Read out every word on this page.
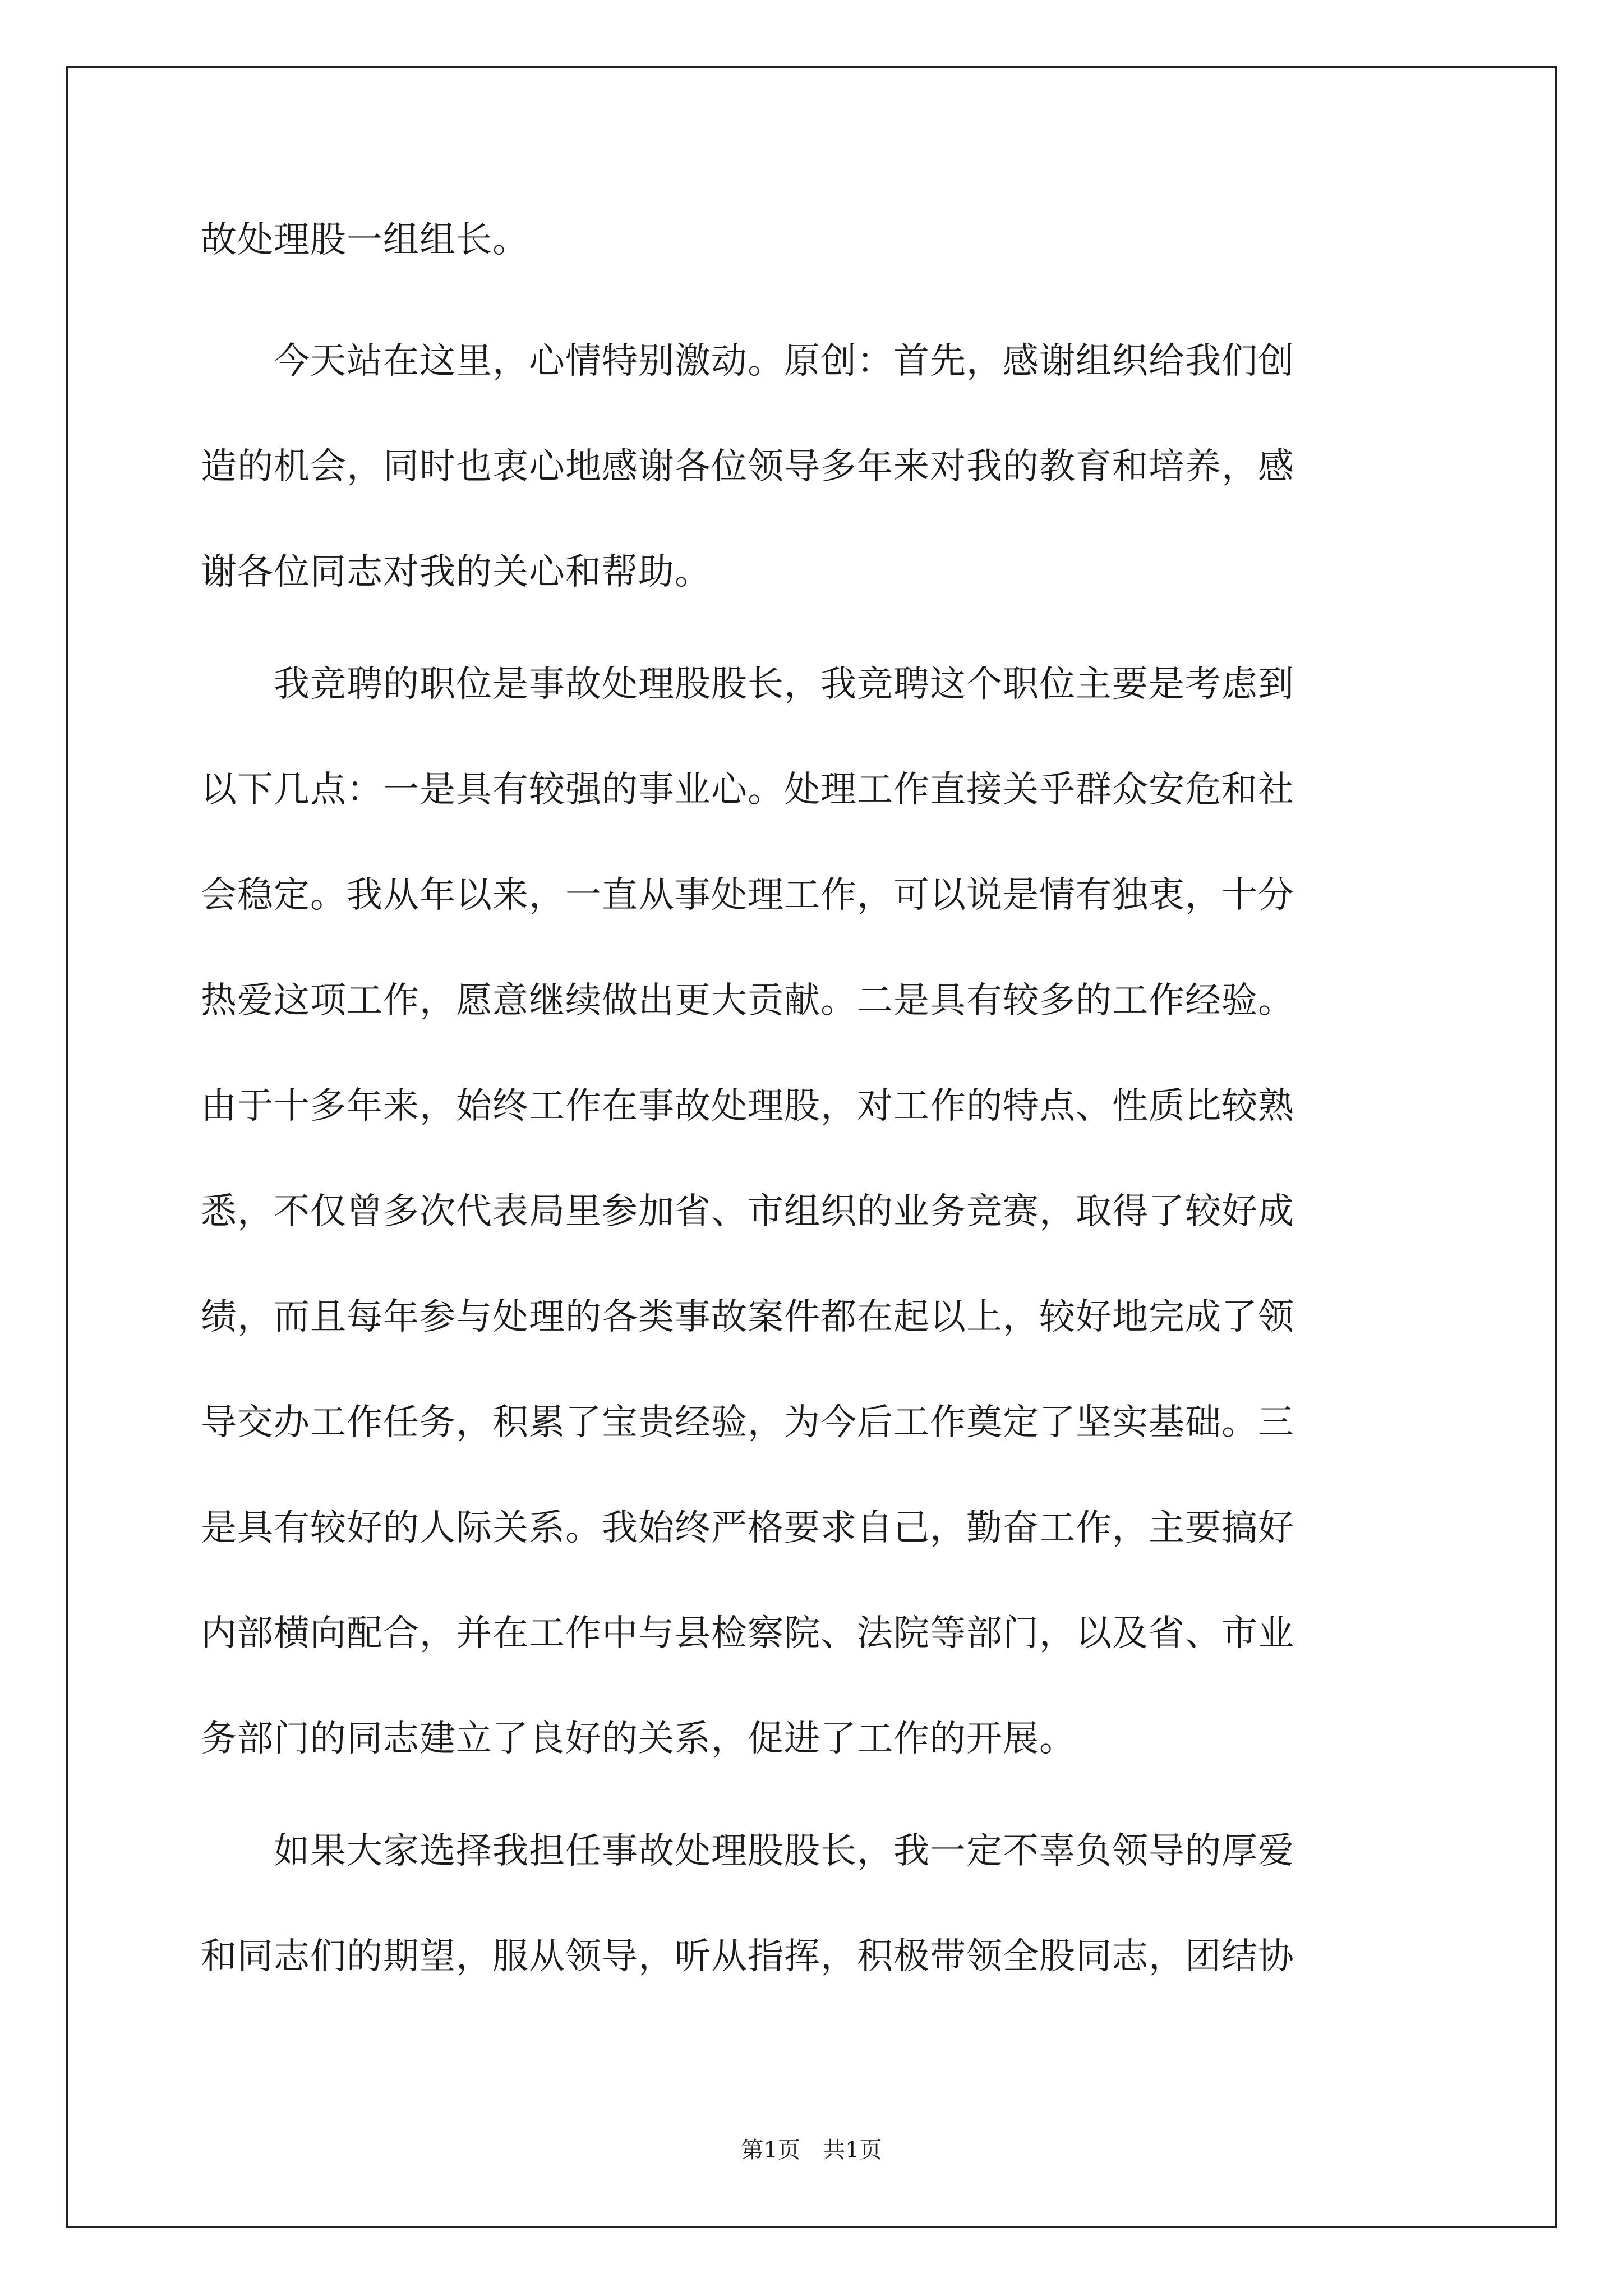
故处理股一组组长。
　　今天站在这里，心情特别激动。原创：首先，感谢组织给我们创
造的机会，同时也衷心地感谢各位领导多年来对我的教育和培养，感
谢各位同志对我的关心和帮助。
　　我竞聘的职位是事故处理股股长，我竞聘这个职位主要是考虑到
以下几点：一是具有较强的事业心。处理工作直接关乎群众安危和社
会稳定。我从年以来，一直从事处理工作，可以说是情有独衷，十分
热爱这项工作，愿意继续做出更大贡献。二是具有较多的工作经验。
由于十多年来，始终工作在事故处理股，对工作的特点、性质比较熟
悉，不仅曾多次代表局里参加省、市组织的业务竞赛，取得了较好成
绩，而且每年参与处理的各类事故案件都在起以上，较好地完成了领
导交办工作任务，积累了宝贵经验，为今后工作奠定了坚实基础。三
是具有较好的人际关系。我始终严格要求自己，勤奋工作，主要搞好
内部横向配合，并在工作中与县检察院、法院等部门，以及省、市业
务部门的同志建立了良好的关系，促进了工作的开展。
　　如果大家选择我担任事故处理股股长，我一定不辜负领导的厚爱
和同志们的期望，服从领导，听从指挥，积极带领全股同志，团结协
第1页　共1页
